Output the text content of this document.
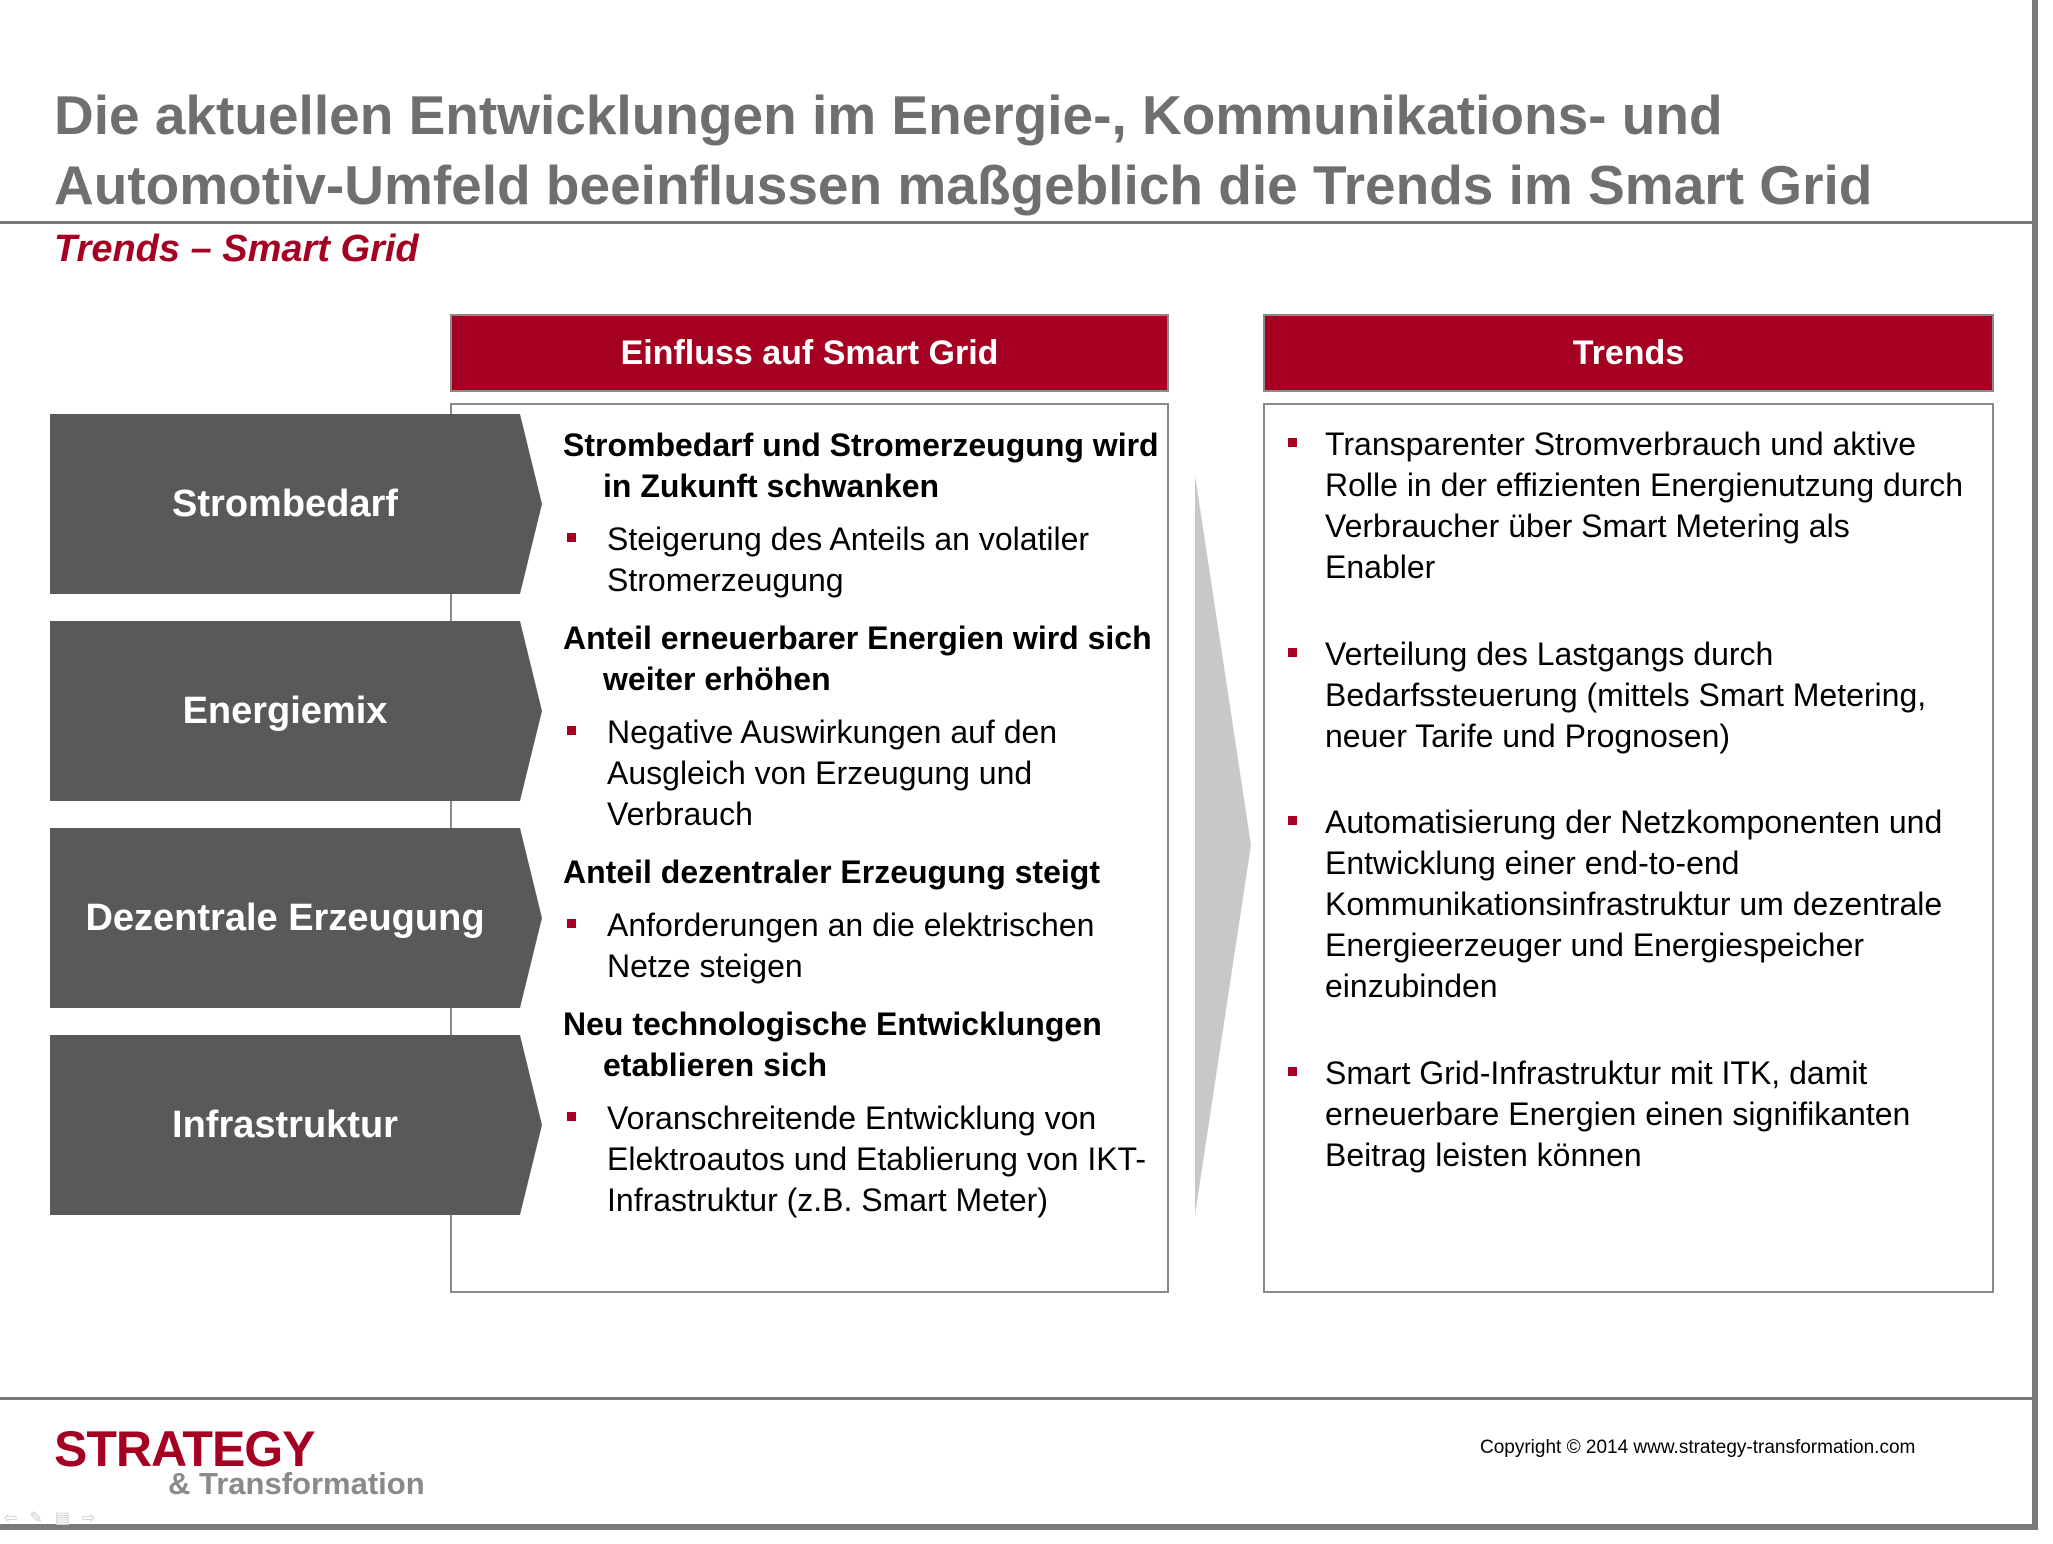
Die aktuellen Entwicklungen im Energie-, Kommunikations- und
Automotiv-Umfeld beeinflussen maßgeblich die Trends im Smart Grid
Trends – Smart Grid
Einfluss auf Smart Grid	Trends
Strombedarf
Energiemix
Dezentrale Erzeugung
Infrastruktur

Strombedarf und Stromerzeugung wird in Zukunft schwanken

Steigerung des Anteils an volatiler Stromerzeugung

Anteil erneuerbarer Energien wird sich weiter erhöhen

Negative Auswirkungen auf den Ausgleich von Erzeugung und Verbrauch

Anteil dezentraler Erzeugung steigt

Anforderungen an die elektrischen Netze steigen

Neu technologische Entwicklungen etablieren sich

Voranschreitende Entwicklung von Elektroautos und Etablierung von IKT-Infrastruktur (z.B. Smart Meter)
Transparenter Stromverbrauch und aktive Rolle in der effizienten Energienutzung durch Verbraucher über Smart Metering als Enabler
Verteilung des Lastgangs durch Bedarfssteuerung (mittels Smart Metering, neuer Tarife und Prognosen)
Automatisierung der Netzkomponenten und Entwicklung einer end-to-end Kommunikationsinfrastruktur um dezentrale Energieerzeuger und Energiespeicher einzubinden
Smart Grid-Infrastruktur mit ITK, damit erneuerbare Energien einen signifikanten Beitrag leisten können
STRATEGY
& Transformation
Copyright © 2014 www.strategy-transformation.com
⇦ ✎ ▤ ⇨
